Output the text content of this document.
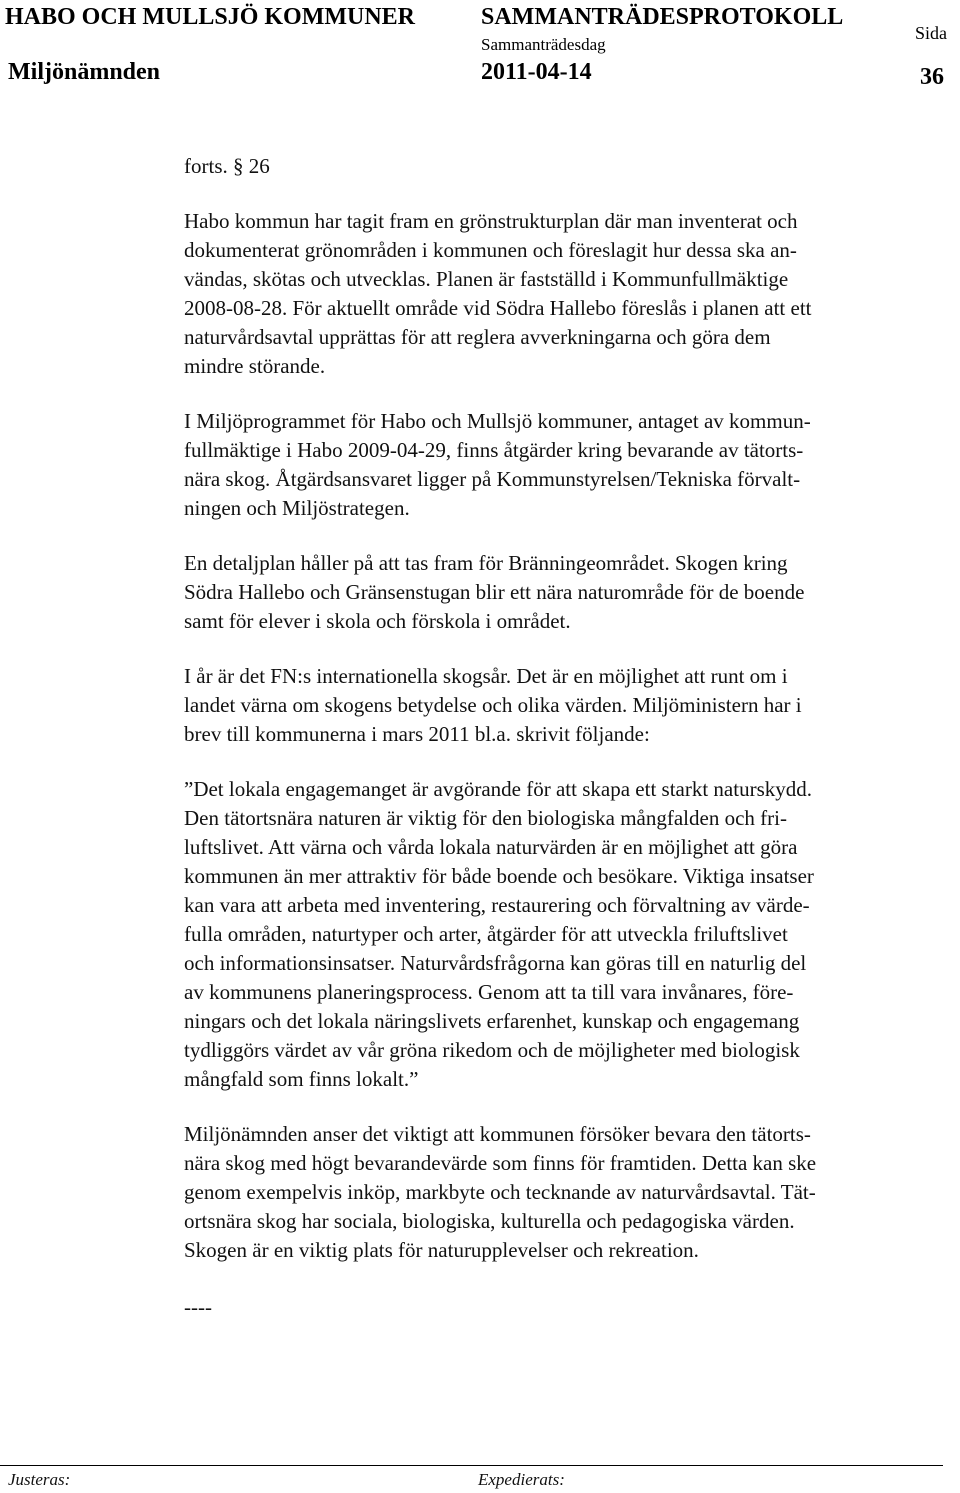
HABO OCH MULLSJÖ KOMMUNER	SAMMANTRÄDESPROTOKOLL
Sammanträdesdag
Sida
Miljönämnden	2011-04-14	36

forts. § 26

Habo kommun har tagit fram en grönstrukturplan där man inventerat och
dokumenterat grönområden i kommunen och föreslagit hur dessa ska an-
vändas, skötas och utvecklas. Planen är fastställd i Kommunfullmäktige
2008-08-28. För aktuellt område vid Södra Hallebo föreslås i planen att ett
naturvårdsavtal upprättas för att reglera avverkningarna och göra dem
mindre störande.

I Miljöprogrammet för Habo och Mullsjö kommuner, antaget av kommun-
fullmäktige i Habo 2009-04-29, finns åtgärder kring bevarande av tätorts-
nära skog. Åtgärdsansvaret ligger på Kommunstyrelsen/Tekniska förvalt-
ningen och Miljöstrategen.

En detaljplan håller på att tas fram för Bränningeområdet. Skogen kring
Södra Hallebo och Gränsenstugan blir ett nära naturområde för de boende
samt för elever i skola och förskola i området.

I år är det FN:s internationella skogsår. Det är en möjlighet att runt om i
landet värna om skogens betydelse och olika värden. Miljöministern har i
brev till kommunerna i mars 2011 bl.a. skrivit följande:

”Det lokala engagemanget är avgörande för att skapa ett starkt naturskydd.
Den tätortsnära naturen är viktig för den biologiska mångfalden och fri-
luftslivet. Att värna och vårda lokala naturvärden är en möjlighet att göra
kommunen än mer attraktiv för både boende och besökare. Viktiga insatser
kan vara att arbeta med inventering, restaurering och förvaltning av värde-
fulla områden, naturtyper och arter, åtgärder för att utveckla friluftslivet
och informationsinsatser. Naturvårdsfrågorna kan göras till en naturlig del
av kommunens planeringsprocess. Genom att ta till vara invånares, före-
ningars och det lokala näringslivets erfarenhet, kunskap och engagemang
tydliggörs värdet av vår gröna rikedom och de möjligheter med biologisk
mångfald som finns lokalt.”

Miljönämnden anser det viktigt att kommunen försöker bevara den tätorts-
nära skog med högt bevarandevärde som finns för framtiden. Detta kan ske
genom exempelvis inköp, markbyte och tecknande av naturvårdsavtal. Tät-
ortsnära skog har sociala, biologiska, kulturella och pedagogiska värden.
Skogen är en viktig plats för naturupplevelser och rekreation.

----

Justeras:	Expedierats:
